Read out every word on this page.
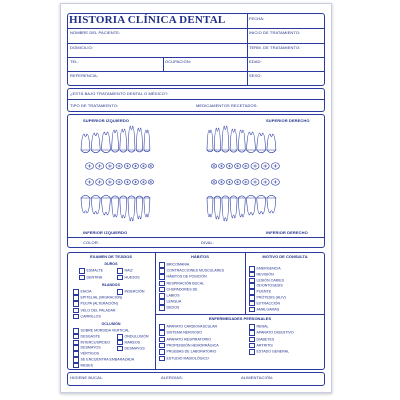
HISTORIA CLÍNICA DENTAL	FECHA:
NOMBRE DEL PACIENTE:	INICIO DE TRATAMIENTO:
DOMICILIO:	TERM. DE TRATAMIENTO:
TEL:	OCUPACIÓN:	EDAD:
REFERENCIA:	SEXO:
¿ESTÁ BAJO TRATAMIENTO DENTAL O MÉDICO?:
TIPO DE TRATAMIENTO:	MEDICAMENTOS RECETADOS:
SUPERIOR IZQUIERDO	SUPERIOR DERECHO
INFERIOR IZQUIERDO	INFERIOR DERECHO
COLOR:	DIVAL:
EXAMEN DE TEJIDOS
DUROS
ESMALTE	RAIZ
DENTINA	HUESOS
BLANDOS
ENCIA
EPITELIAL (MIGRACIÓN)
PULPA (ALTERACIÓN)
VELO DEL PALADAR
CARRILLOS
INSERCIÓN
OCLUSIÓN
SOBRE MORDIDA VERTICAL
DESGASTE
INTERCUSPIDEO
DESMAYOS
VÉRTIGOS
SE ENCUENTRA EMBARAZADA
MESES
ONDULUSIÓN
MAREOS
DESMAYOS
HÁBITOS
BRICOMANIA
CONTRACCIONES MUSCULARES
HÁBITOS DE POSICIÓN
RESPIRACIÓN BUCAL
CHUPADORES DE
LABIOS
LENGUA
DEDOS
MOTIVO DE CONSULTA
EMERGENCIA
REVISIÓN
LESIÓN CARIES
ODONTOSESIS
PUENTE
PRÓTESIS (ALIV)
EXTRACCIÓN
AMALGAMAS
ENFERMEDADES PERSONALES
APARATO CARDIOVASCULAR
SISTEMA NERVIOSO
APARATO RESPIRATORIO
PROPENSIÓN HEMORRÁGICA
PRUEBAS DE LABORATORIO
ESTUDIO RADIOLÓGICO
RENAL
APARATO DIGESTIVO
DIABETES
ARTRITIS
ESTADO GENERAL
HIGIENE BUCAL:	ALERGIAS:	ALIMENTACIÓN:
